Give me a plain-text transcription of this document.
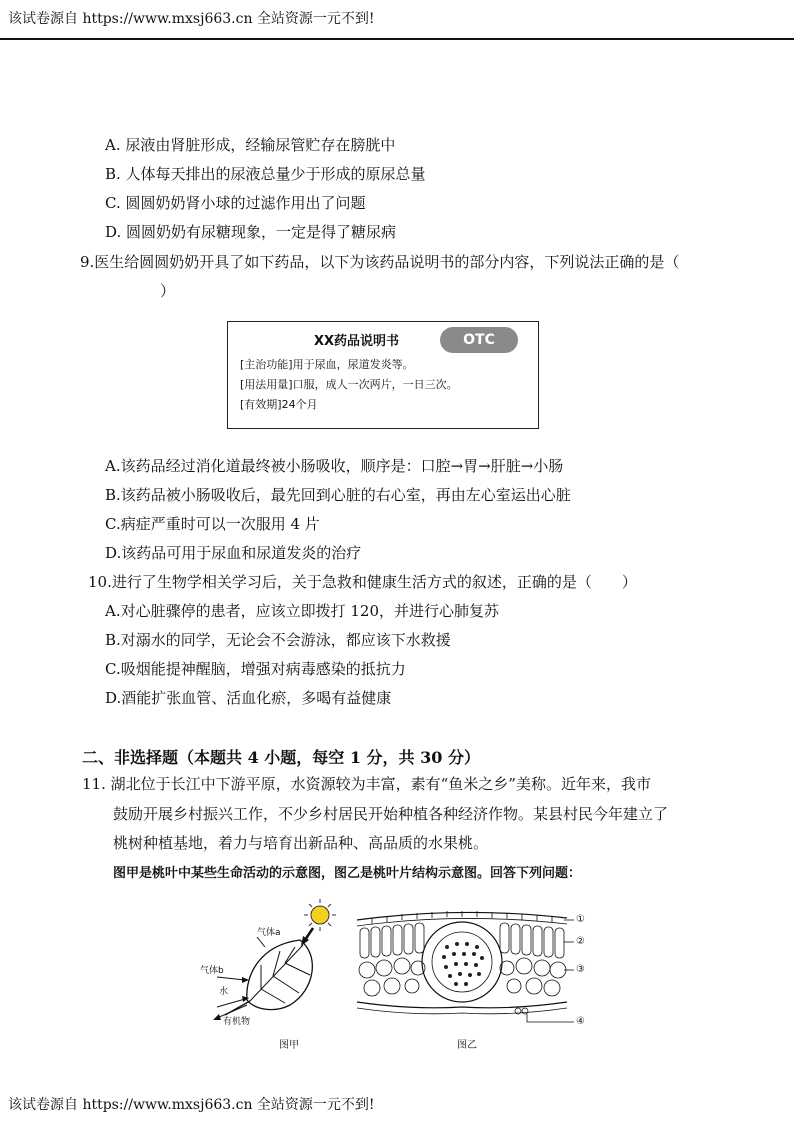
该试卷源自 https://www.mxsj663.cn 全站资源一元不到!
A. 尿液由肾脏形成，经输尿管贮存在膀胱中
B. 人体每天排出的尿液总量少于形成的原尿总量
C. 圆圆奶奶肾小球的过滤作用出了问题
D. 圆圆奶奶有尿糖现象，一定是得了糖尿病
9.医生给圆圆奶奶开具了如下药品，以下为该药品说明书的部分内容，下列说法正确的是（
）
XX药品说明书	OTC
[主治功能]用于尿血，尿道发炎等。
[用法用量]口服，成人一次两片，一日三次。
[有效期]24个月
A.该药品经过消化道最终被小肠吸收，顺序是：口腔→胃→肝脏→小肠
B.该药品被小肠吸收后，最先回到心脏的右心室，再由左心室运出心脏
C.病症严重时可以一次服用 4 片
D.该药品可用于尿血和尿道发炎的治疗
10.进行了生物学相关学习后，关于急救和健康生活方式的叙述，正确的是（　　）
A.对心脏骤停的患者，应该立即拨打 120，并进行心肺复苏
B.对溺水的同学，无论会不会游泳，都应该下水救援
C.吸烟能提神醒脑，增强对病毒感染的抵抗力
D.酒能扩张血管、活血化瘀，多喝有益健康
二、非选择题（本题共 4 小题，每空 1 分，共 30 分）
11. 湖北位于长江中下游平原，水资源较为丰富，素有“鱼米之乡”美称。近年来，我市
鼓励开展乡村振兴工作，不少乡村居民开始种植各种经济作物。某县村民今年建立了
桃树种植基地，着力与培育出新品种、高品质的水果桃。
图甲是桃叶中某些生命活动的示意图，图乙是桃叶片结构示意图。回答下列问题：
气体a
气体b
水
有机物
图甲
①
②
③
④
图乙
该试卷源自 https://www.mxsj663.cn 全站资源一元不到!
